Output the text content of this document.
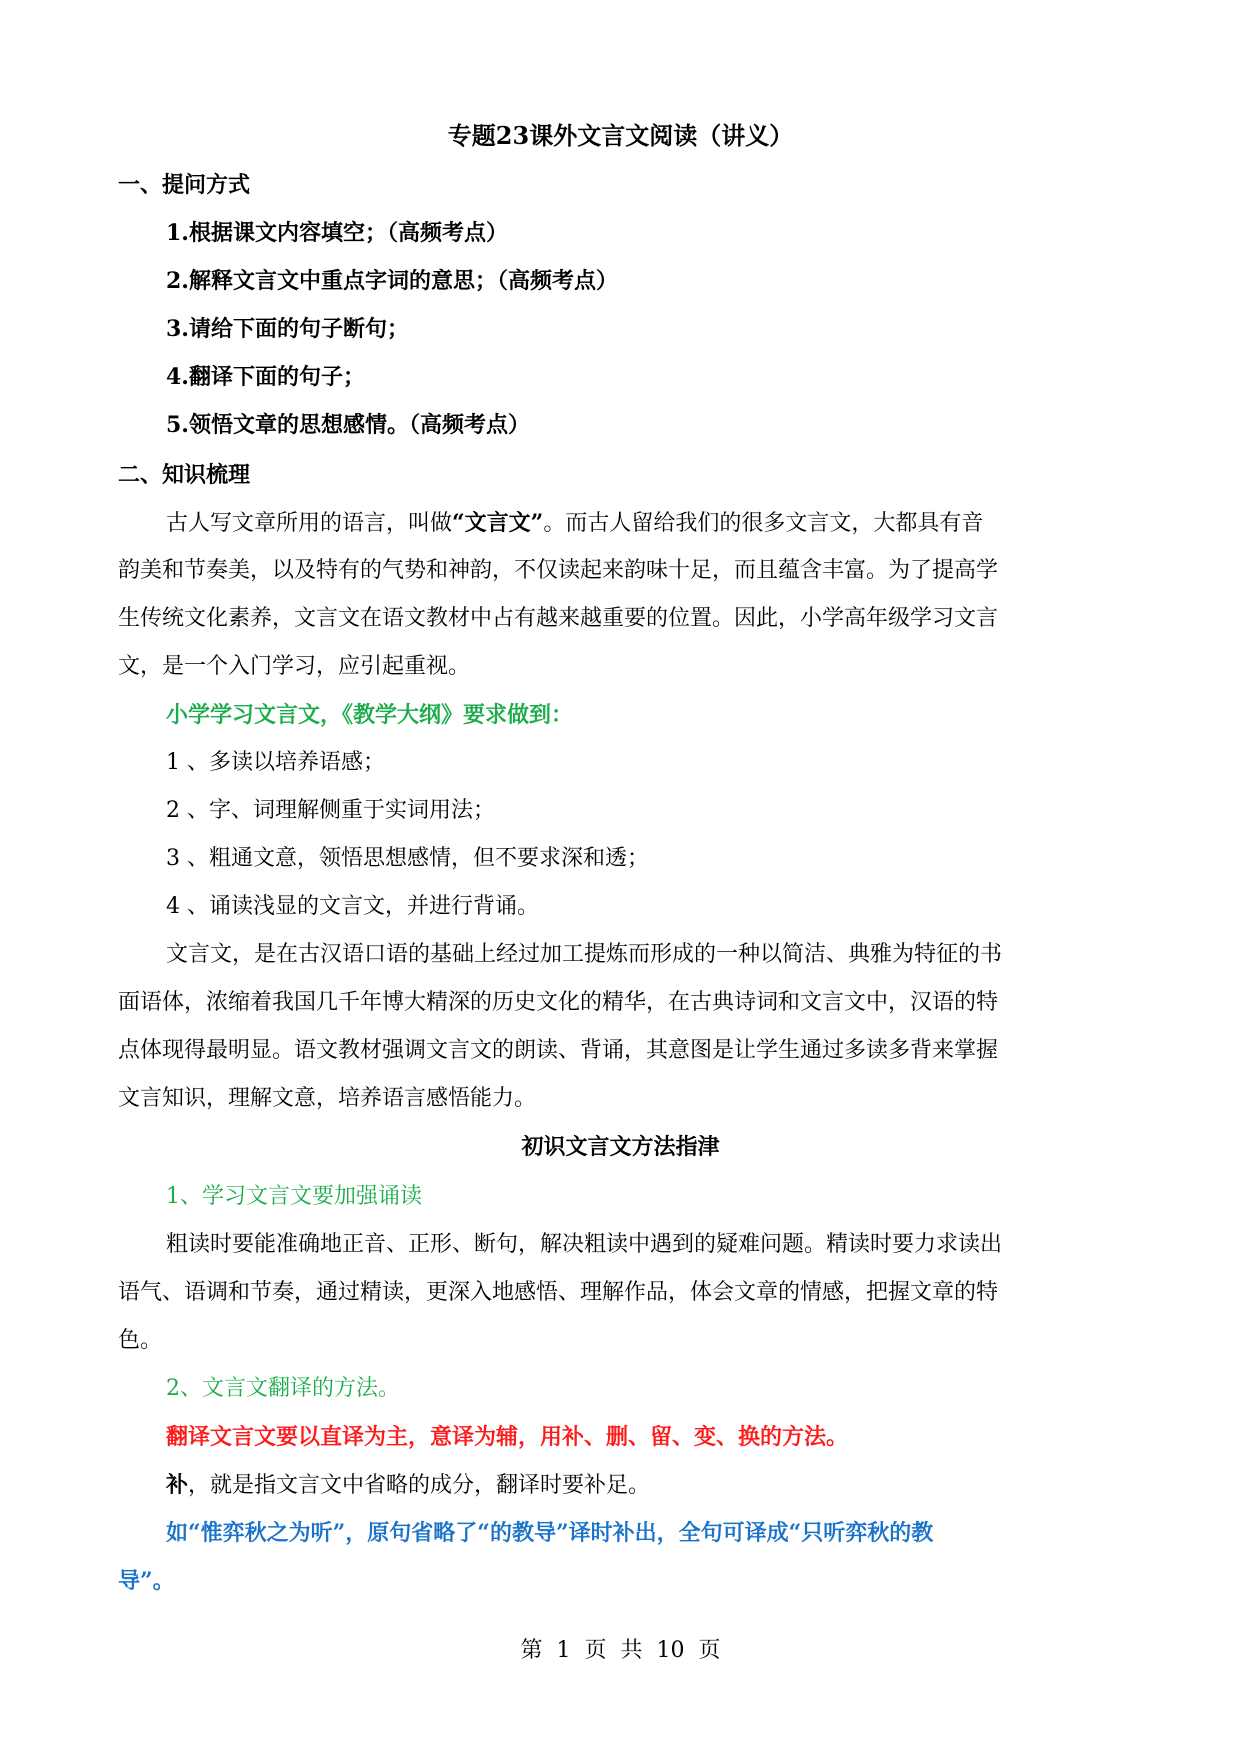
专题23课外文言文阅读（讲义）
一、提问方式
1.根据课文内容填空；（高频考点）
2.解释文言文中重点字词的意思；（高频考点）
3.请给下面的句子断句；
4.翻译下面的句子；
5.领悟文章的思想感情。（高频考点）
二、知识梳理
古人写文章所用的语言，叫做“文言文”。而古人留给我们的很多文言文，大都具有音
韵美和节奏美，以及特有的气势和神韵，不仅读起来韵味十足，而且蕴含丰富。为了提高学
生传统文化素养，文言文在语文教材中占有越来越重要的位置。因此，小学高年级学习文言
文，是一个入门学习，应引起重视。
小学学习文言文，《教学大纲》要求做到：
1 、多读以培养语感；
2 、字、词理解侧重于实词用法；
3 、粗通文意，领悟思想感情，但不要求深和透；
4 、诵读浅显的文言文，并进行背诵。
文言文，是在古汉语口语的基础上经过加工提炼而形成的一种以简洁、典雅为特征的书
面语体，浓缩着我国几千年博大精深的历史文化的精华，在古典诗词和文言文中，汉语的特
点体现得最明显。语文教材强调文言文的朗读、背诵，其意图是让学生通过多读多背来掌握
文言知识，理解文意，培养语言感悟能力。
初识文言文方法指津
1、学习文言文要加强诵读
粗读时要能准确地正音、正形、断句，解决粗读中遇到的疑难问题。精读时要力求读出
语气、语调和节奏，通过精读，更深入地感悟、理解作品，体会文章的情感，把握文章的特
色。
2、文言文翻译的方法。
翻译文言文要以直译为主，意译为辅，用补、删、留、变、换的方法。
补，就是指文言文中省略的成分，翻译时要补足。
如“惟弈秋之为听”，原句省略了“的教导”译时补出，全句可译成“只听弈秋的教
导”。
第  1  页  共  10  页
